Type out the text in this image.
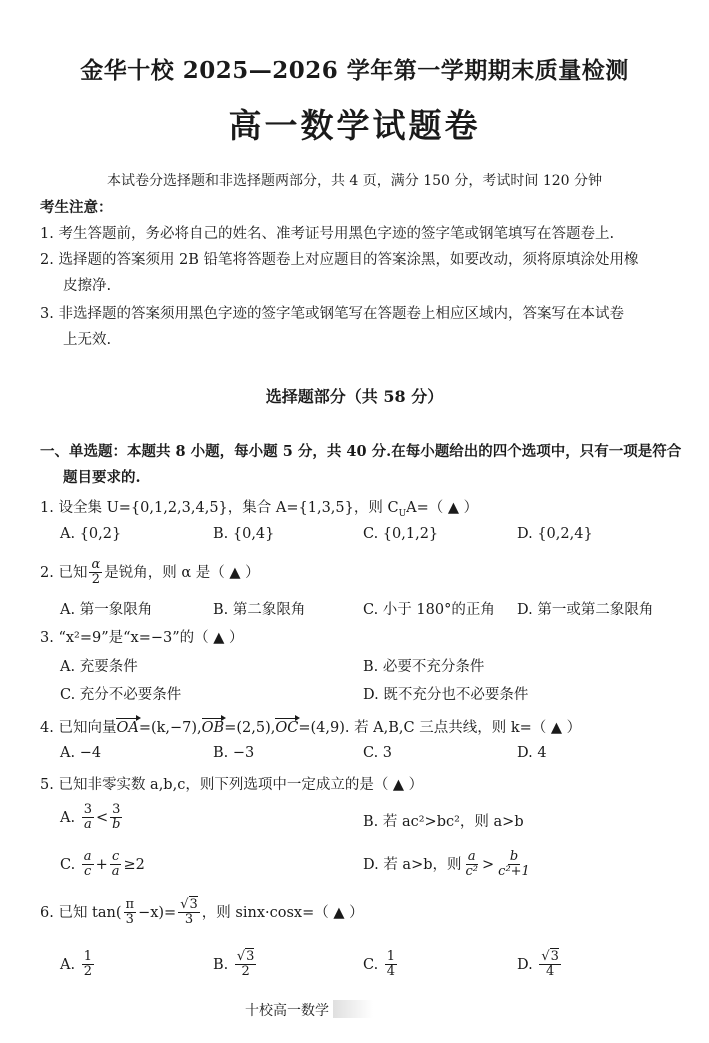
金华十校 2025—2026 学年第一学期期末质量检测
高一数学试题卷
本试卷分选择题和非选择题两部分，共 4 页，满分 150 分，考试时间 120 分钟
考生注意：
1. 考生答题前，务必将自己的姓名、准考证号用黑色字迹的签字笔或钢笔填写在答题卷上.
2. 选择题的答案须用 2B 铅笔将答题卷上对应题目的答案涂黑，如要改动，须将原填涂处用橡
皮擦净.
3. 非选择题的答案须用黑色字迹的签字笔或钢笔写在答题卷上相应区域内，答案写在本试卷
上无效.
选择题部分（共 58 分）
一、单选题：本题共 8 小题，每小题 5 分，共 40 分.在每小题给出的四个选项中，只有一项是符合
题目要求的.
1. 设全集 U={0,1,2,3,4,5}，集合 A={1,3,5}，则 $C_UA=$（ ▲ ）
A. {0,2}	B. {0,4}	C. {0,1,2}	D. {0,2,4}
2. 已知 $\frac{\alpha}{2}$ 是锐角，则 α 是（ ▲ ）
A. 第一象限角	B. 第二象限角	C. 小于 180°的正角 D. 第一或第二象限角
3. “x²=9”是“x=−3”的（ ▲ ）
A. 充要条件	B. 必要不充分条件
C. 充分不必要条件	D. 既不充分也不必要条件
4. 已知向量OA=(k,−7),OB=(2,5),OC=(4,9). 若 A,B,C 三点共线，则 k=（ ▲ ）
A. −4	B. −3	C. 3	D. 4
5. 已知非零实数 a,b,c，则下列选项中一定成立的是（ ▲ ）
A. $\frac{3}{a} < \frac{3}{b}$	B. 若 ac²>bc²，则 a>b
C. $\frac{a}{c} + \frac{c}{a} \ge 2$	D. 若 a>b，则 $\frac{a}{\text{c²}} > \frac{b}{\text{c²+1}}$
6. 已知 $\tan( \frac{\pi}{3} -x)= \frac{√3}{3}$ ，则 sinx·cosx=（ ▲ ）
A. $\frac{1}{2}$	B. $\frac{√3}{2}$	C. $\frac{1}{4}$	D. $\frac{√3}{4}$
十校高一数学
